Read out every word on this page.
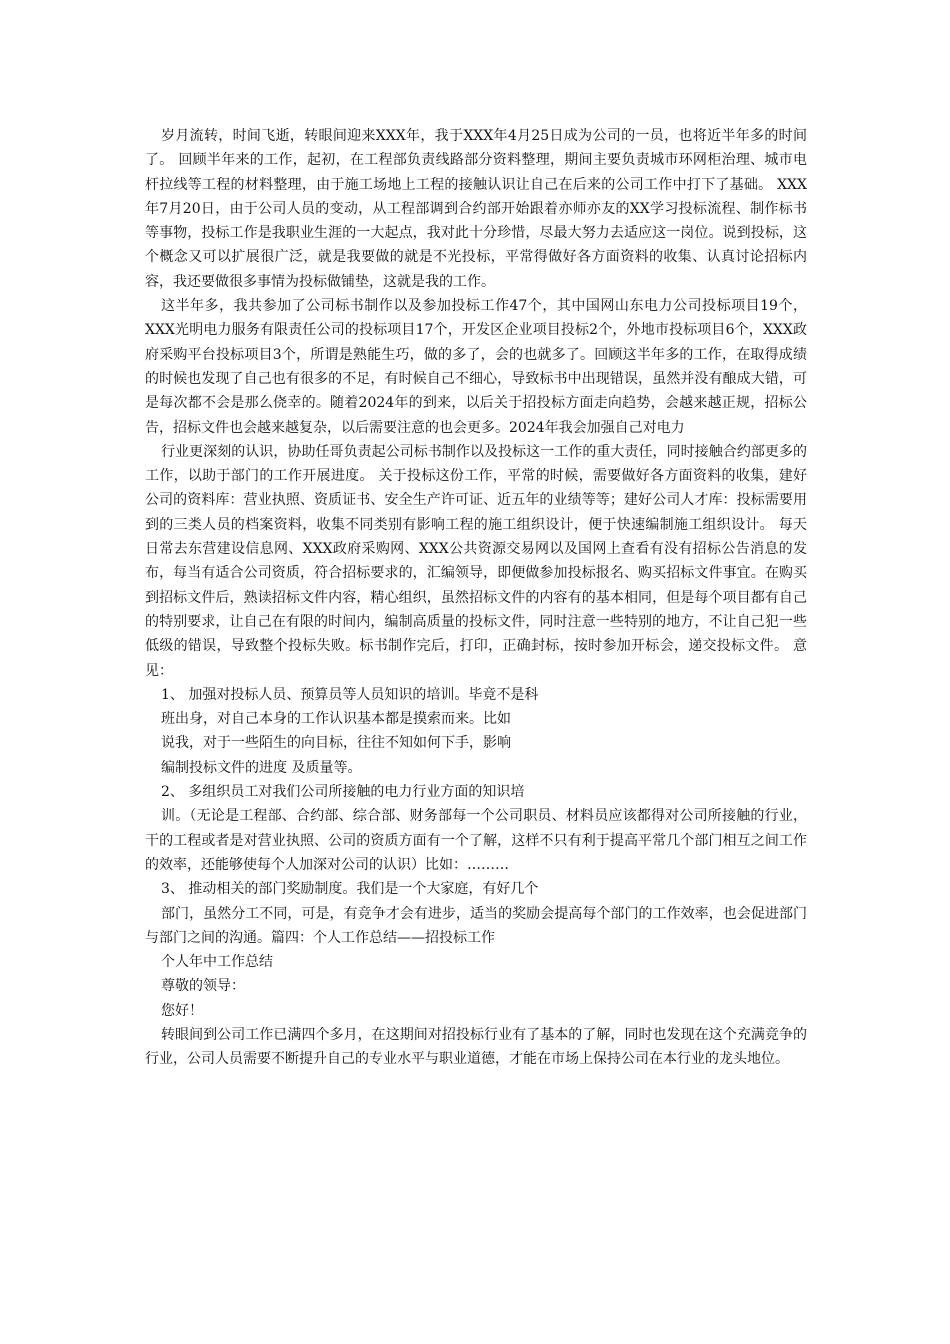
岁月流转，时间飞逝，转眼间迎来XXX年，我于XXX年4月25日成为公司的一员，也将近半年多的时间了。 回顾半年来的工作，起初，在工程部负责线路部分资料整理，期间主要负责城市环网柜治理、城市电杆拉线等工程的材料整理，由于施工场地上工程的接触认识让自己在后来的公司工作中打下了基础。 XXX年7月20日，由于公司人员的变动，从工程部调到合约部开始跟着亦师亦友的XX学习投标流程、制作标书等事物，投标工作是我职业生涯的一大起点，我对此十分珍惜，尽最大努力去适应这一岗位。说到投标，这个概念又可以扩展很广泛，就是我要做的就是不光投标，平常得做好各方面资料的收集、认真讨论招标内容，我还要做很多事情为投标做铺垫，这就是我的工作。

这半年多，我共参加了公司标书制作以及参加投标工作47个，其中国网山东电力公司投标项目19个，XXX光明电力服务有限责任公司的投标项目17个，开发区企业项目投标2个，外地市投标项目6个，XXX政府采购平台投标项目3个，所谓是熟能生巧，做的多了，会的也就多了。回顾这半年多的工作，在取得成绩的时候也发现了自己也有很多的不足，有时候自己不细心，导致标书中出现错误，虽然并没有酿成大错，可是每次都不会是那么侥幸的。随着2024年的到来，以后关于招投标方面走向趋势，会越来越正规，招标公告，招标文件也会越来越复杂，以后需要注意的也会更多。2024年我会加强自己对电力

行业更深刻的认识，协助任哥负责起公司标书制作以及投标这一工作的重大责任，同时接触合约部更多的工作，以助于部门的工作开展进度。 关于投标这份工作，平常的时候，需要做好各方面资料的收集，建好公司的资料库：营业执照、资质证书、安全生产许可证、近五年的业绩等等；建好公司人才库：投标需要用到的三类人员的档案资料，收集不同类别有影响工程的施工组织设计，便于快速编制施工组织设计。 每天日常去东营建设信息网、XXX政府采购网、XXX公共资源交易网以及国网上查看有没有招标公告消息的发布，每当有适合公司资质，符合招标要求的，汇编领导，即便做参加投标报名、购买招标文件事宜。在购买到招标文件后，熟读招标文件内容，精心组织，虽然招标文件的内容有的基本相同，但是每个项目都有自己的特别要求，让自己在有限的时间内，编制高质量的投标文件，同时注意一些特别的地方，不让自己犯一些低级的错误，导致整个投标失败。标书制作完后，打印，正确封标，按时参加开标会，递交投标文件。 意见：

1、 加强对投标人员、预算员等人员知识的培训。毕竟不是科

班出身，对自己本身的工作认识基本都是摸索而来。比如

说我，对于一些陌生的向目标，往往不知如何下手，影响

编制投标文件的进度 及质量等。

2、 多组织员工对我们公司所接触的电力行业方面的知识培

训。（无论是工程部、合约部、综合部、财务部每一个公司职员、材料员应该都得对公司所接触的行业，干的工程或者是对营业执照、公司的资质方面有一个了解，这样不只有利于提高平常几个部门相互之间工作的效率，还能够使每个人加深对公司的认识）比如：………

3、 推动相关的部门奖励制度。我们是一个大家庭，有好几个

部门，虽然分工不同，可是，有竞争才会有进步，适当的奖励会提高每个部门的工作效率，也会促进部门与部门之间的沟通。篇四：个人工作总结——招投标工作

个人年中工作总结

尊敬的领导：

您好！

转眼间到公司工作已满四个多月，在这期间对招投标行业有了基本的了解，同时也发现在这个充满竞争的行业，公司人员需要不断提升自己的专业水平与职业道德，才能在市场上保持公司在本行业的龙头地位。
